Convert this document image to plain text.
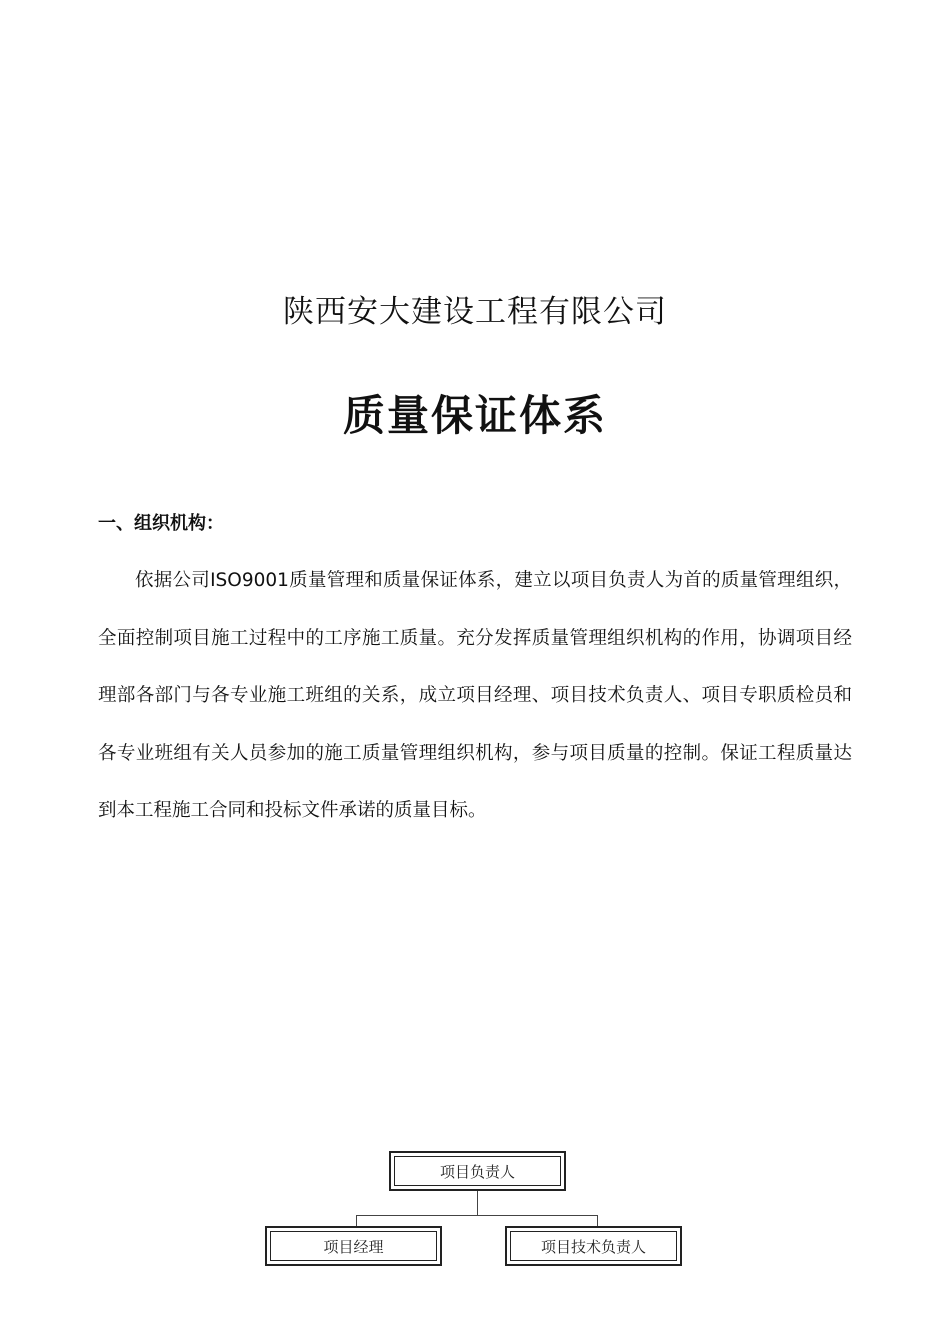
陕西安大建设工程有限公司
质量保证体系
一、组织机构：

依据公司ISO9001质量管理和质量保证体系，建立以项目负责人为首的质量管理组织，全面控制项目施工过程中的工序施工质量。充分发挥质量管理组织机构的作用，协调项目经理部各部门与各专业施工班组的关系，成立项目经理、项目技术负责人、项目专职质检员和各专业班组有关人员参加的施工质量管理组织机构，参与项目质量的控制。保证工程质量达到本工程施工合同和投标文件承诺的质量目标。

项目负责人
项目经理	项目技术负责人
